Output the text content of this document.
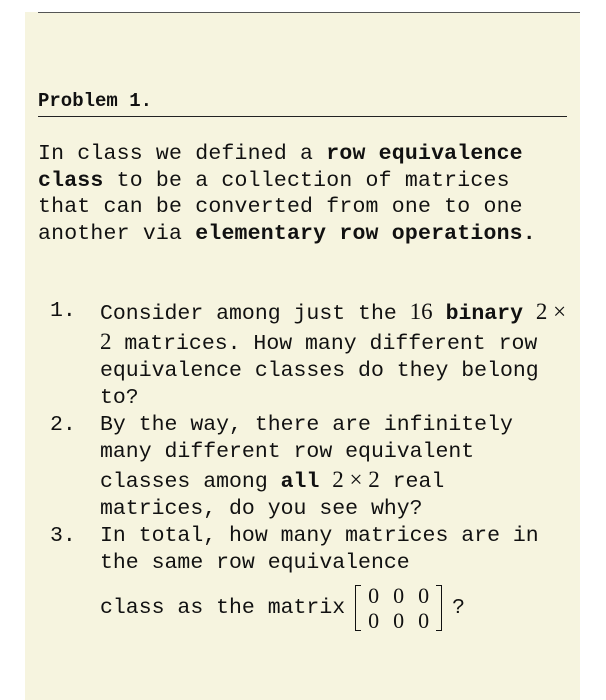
Problem 1.
In class we defined a row equivalence class to be a collection of matrices that can be converted from one to one another via elementary row operations.
1. Consider among just the 16 binary 2 × 2 matrices. How many different row equivalence classes do they belong to?
2. By the way, there are infinitely many different row equivalent classes among all 2 × 2 real matrices, do you see why?
3. In total, how many matrices are in the same row equivalence
class as the matrix 0	0	0
0	0	0
?
